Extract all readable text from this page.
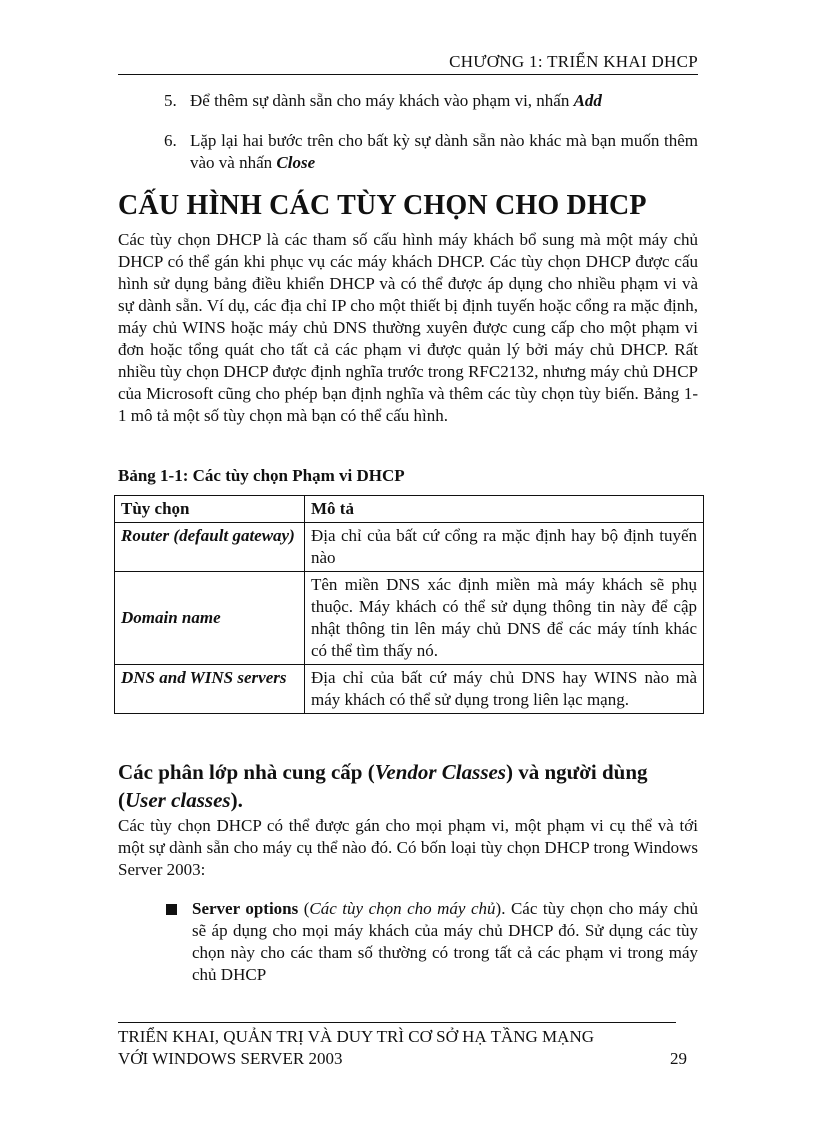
CHƯƠNG 1: TRIỂN KHAI DHCP
5. Để thêm sự dành sẵn cho máy khách vào phạm vi, nhấn Add
6. Lặp lại hai bước trên cho bất kỳ sự dành sẵn nào khác mà bạn muốn thêm vào và nhấn Close
CẤU HÌNH CÁC TÙY CHỌN CHO DHCP
Các tùy chọn DHCP là các tham số cấu hình máy khách bổ sung mà một máy chủ DHCP có thể gán khi phục vụ các máy khách DHCP. Các tùy chọn DHCP được cấu hình sử dụng bảng điều khiển DHCP và có thể được áp dụng cho nhiều phạm vi và sự dành sẵn. Ví dụ, các địa chỉ IP cho một thiết bị định tuyến hoặc cổng ra mặc định, máy chủ WINS hoặc máy chủ DNS thường xuyên được cung cấp cho một phạm vi đơn hoặc tổng quát cho tất cả các phạm vi được quản lý bởi máy chủ DHCP. Rất nhiều tùy chọn DHCP được định nghĩa trước trong RFC2132, nhưng máy chủ DHCP của Microsoft cũng cho phép bạn định nghĩa và thêm các tùy chọn tùy biến. Bảng 1-1 mô tả một số tùy chọn mà bạn có thể cấu hình.
Bảng 1-1: Các tùy chọn Phạm vi DHCP
Tùy chọn	Mô tả
Router (default gateway)	Địa chỉ của bất cứ cổng ra mặc định hay bộ định tuyến nào
Domain name	Tên miền DNS xác định miền mà máy khách sẽ phụ thuộc. Máy khách có thể sử dụng thông tin này để cập nhật thông tin lên máy chủ DNS để các máy tính khác có thể tìm thấy nó.
DNS and WINS servers	Địa chỉ của bất cứ máy chủ DNS hay WINS nào mà máy khách có thể sử dụng trong liên lạc mạng.
Các phân lớp nhà cung cấp (Vendor Classes) và người dùng (User classes).
Các tùy chọn DHCP có thể được gán cho mọi phạm vi, một phạm vi cụ thể và tới một sự dành sẵn cho máy cụ thể nào đó. Có bốn loại tùy chọn DHCP trong Windows Server 2003:
Server options (Các tùy chọn cho máy chủ). Các tùy chọn cho máy chủ sẽ áp dụng cho mọi máy khách của máy chủ DHCP đó. Sử dụng các tùy chọn này cho các tham số thường có trong tất cả các phạm vi trong máy chủ DHCP
TRIỂN KHAI, QUẢN TRỊ VÀ DUY TRÌ CƠ SỞ HẠ TẦNG MẠNG
VỚI WINDOWS SERVER 2003	29
